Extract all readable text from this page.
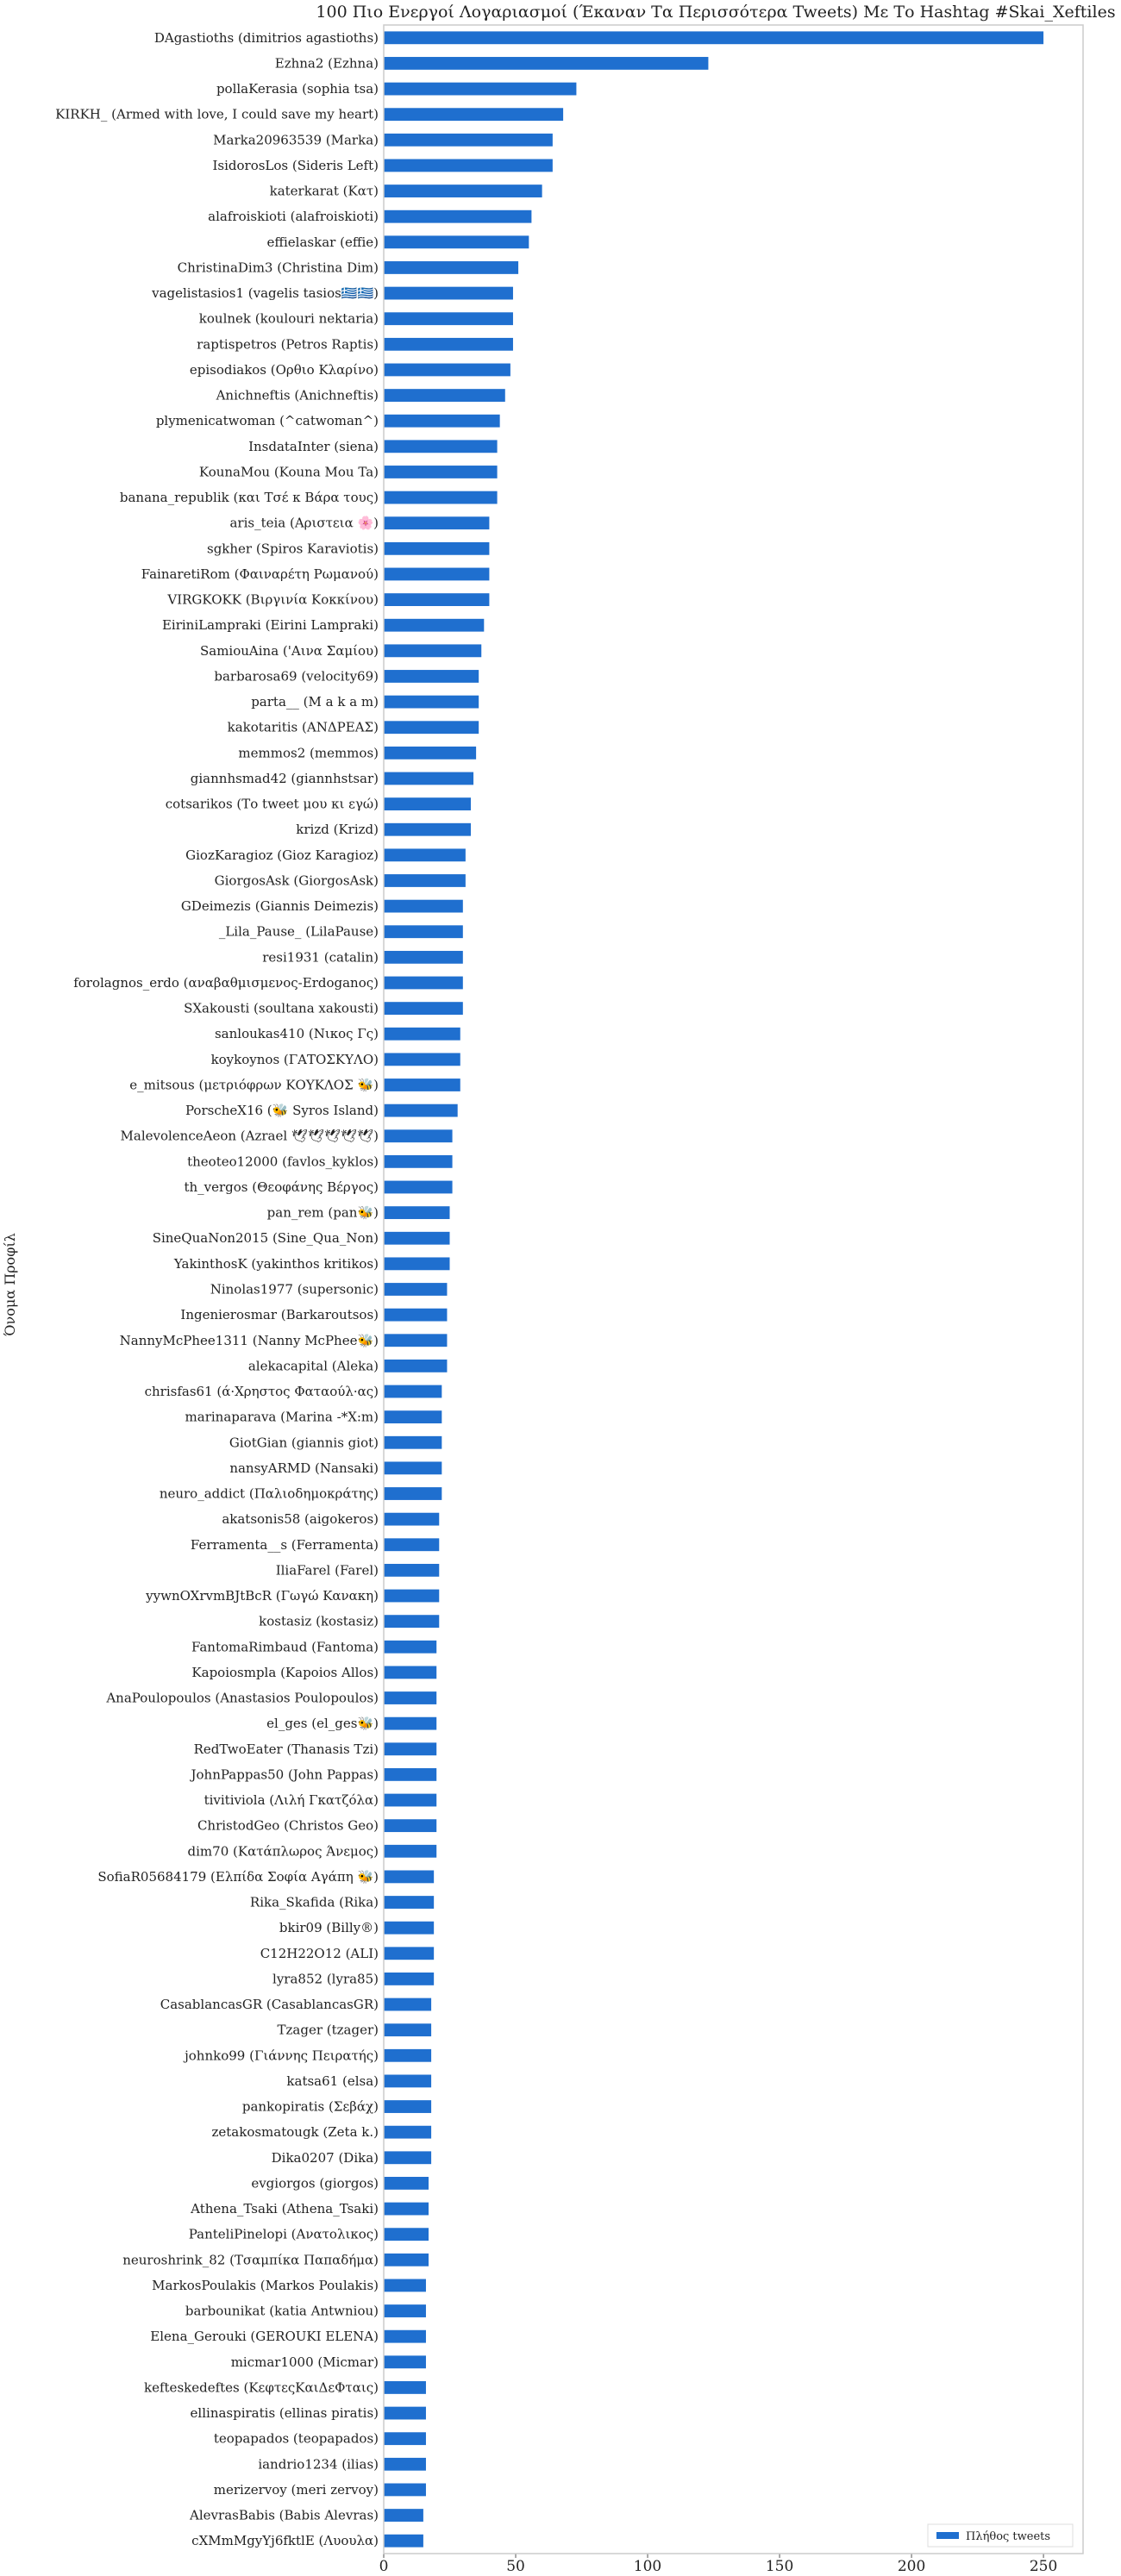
100 Πιο Ενεργοί Λογαριασμοί (Έκαναν Τα Περισσότερα Tweets) Με Το Hashtag #Skai_Xeftiles
Όνομα Προφίλ
DAgastioths (dimitrios agastioths)
Ezhna2 (Ezhna)
pollaKerasia (sophia tsa)
KIRKH_ (Armed with love, I could save my heart)
Marka20963539 (Marka)
IsidorosLos (Sideris Left)
katerkarat (Κατ)
alafroiskioti (alafroiskioti)
effielaskar (effie)
ChristinaDim3 (Christina Dim)
vagelistasios1 (vagelis tasios🇬🇷🇬🇷)
koulnek (koulouri nektaria)
raptispetros (Petros Raptis)
episodiakos (Ορθιο Κλαρίνο)
Anichneftis (Anichneftis)
plymenicatwoman (^catwoman^)
InsdataInter (siena)
KounaMou (Kouna Mou Ta)
banana_republik (και Τσέ κ Βάρα τους)
aris_teia (Αριστεια 🌸)
sgkher (Spiros Karaviotis)
FainaretiRom (Φαιναρέτη Ρωμανού)
VIRGKOKK (Βιργινία Κοκκίνου)
EiriniLampraki (Eirini Lampraki)
SamiouAina ('Αινα Σαμίου)
barbarosa69 (velocity69)
parta__ (M a k a m)
kakotaritis (ΑΝΔΡΕΑΣ)
memmos2 (memmos)
giannhsmad42 (giannhstsar)
cotsarikos (Το tweet μου κι εγώ)
krizd (Krizd)
GiozKaragioz (Gioz Karagioz)
GiorgosAsk (GiorgosAsk)
GDeimezis (Giannis Deimezis)
_Lila_Pause_ (LilaPause)
resi1931 (catalin)
forolagnos_erdo (αναβαθμισμενος-Erdoganoς)
SXakousti (soultana xakousti)
sanloukas410 (Νικος Γς)
koykoynos (ΓΑΤΟΣΚΥΛΟ)
e_mitsous (μετριόφρων ΚΟΥΚΛΟΣ 🐝)
PorscheX16 (🐝 Syros Island)
MalevolenceAeon (Azrael 🕊🕊🕊🕊🕊)
theoteo12000 (favlos_kyklos)
th_vergos (Θεοφάνης Βέργος)
pan_rem (pan🐝)
SineQuaNon2015 (Sine_Qua_Non)
YakinthosK (yakinthos kritikos)
Ninolas1977 (supersonic)
Ingenierosmar (Barkaroutsos)
NannyMcPhee1311 (Nanny McPhee🐝)
alekacapital (Aleka)
chrisfas61 (ά·Χρηστος Φαταούλ·ας)
marinaparava (Marina -*X:m)
GiotGian (giannis giot)
nansyARMD (Nansaki)
neuro_addict (Παλιοδημοκράτης)
akatsonis58 (aigokeros)
Ferramenta__s (Ferramenta)
IliaFarel (Farel)
yywnOXrvmBJtBcR (Γωγώ Κανακη)
kostasiz (kostasiz)
FantomaRimbaud (Fantoma)
Kapoiosmpla (Kapoios Allos)
AnaPoulopoulos (Anastasios Poulopoulos)
el_ges (el_ges🐝)
RedTwoEater (Thanasis Tzi)
JohnPappas50 (John Pappas)
tivitiviola (Λιλή Γκατζόλα)
ChristodGeo (Christos Geo)
dim70 (Κατάπλωρος Άνεμος)
SofiaR05684179 (Ελπίδα Σοφία Αγάπη 🐝)
Rika_Skafida (Rika)
bkir09 (Billy®)
C12H22O12 (ALI)
lyra852 (lyra85)
CasablancasGR (CasablancasGR)
Tzager (tzager)
johnko99 (Γιάννης Πειρατής)
katsa61 (elsa)
pankopiratis (Σεβάχ)
zetakosmatougk (Zeta k.)
Dika0207 (Dika)
evgiorgos (giorgos)
Athena_Tsaki (Athena_Tsaki)
PanteliPinelopi (Ανατολικος)
neuroshrink_82 (Τσαμπίκα Παπαδήμα)
MarkosPoulakis (Markos Poulakis)
barbounikat (katia Antwniou)
Elena_Gerouki (GEROUKI ELENA)
micmar1000 (Micmar)
kefteskedeftes (ΚεφτεςΚαιΔεΦταις)
ellinaspiratis (ellinas piratis)
teopapados (teopapados)
iandrio1234 (ilias)
merizervoy (meri zervoy)
AlevrasBabis (Babis Alevras)
cXMmMgyYj6fktlE (Λυουλα)
0	50	100	150	200	250
Πλήθος tweets
